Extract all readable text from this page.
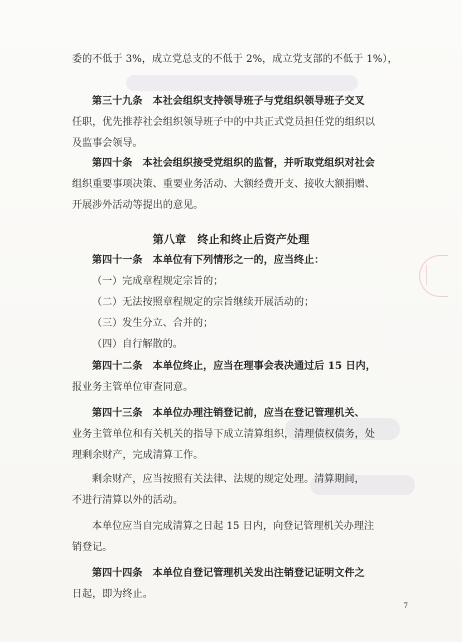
委的不低于 3%，成立党总支的不低于 2%，成立党支部的不低于 1%），
第三十九条　本社会组织支持领导班子与党组织领导班子交叉
任职，优先推荐社会组织领导班子中的中共正式党员担任党的组织以
及监事会领导。
第四十条　本社会组织接受党组织的监督，并听取党组织对社会
组织重要事项决策、重要业务活动、大额经费开支、接收大额捐赠、
开展涉外活动等提出的意见。
第八章　终止和终止后资产处理
第四十一条　本单位有下列情形之一的，应当终止：
（一）完成章程规定宗旨的；
（二）无法按照章程规定的宗旨继续开展活动的；
（三）发生分立、合并的；
（四）自行解散的。
第四十二条　本单位终止，应当在理事会表决通过后 15 日内，
报业务主管单位审查同意。
第四十三条　本单位办理注销登记前，应当在登记管理机关、
业务主管单位和有关机关的指导下成立清算组织，清理债权债务，处
理剩余财产，完成清算工作。
剩余财产，应当按照有关法律、法规的规定处理。清算期间，
不进行清算以外的活动。
本单位应当自完成清算之日起 15 日内，向登记管理机关办理注
销登记。
第四十四条　本单位自登记管理机关发出注销登记证明文件之
日起，即为终止。
7
